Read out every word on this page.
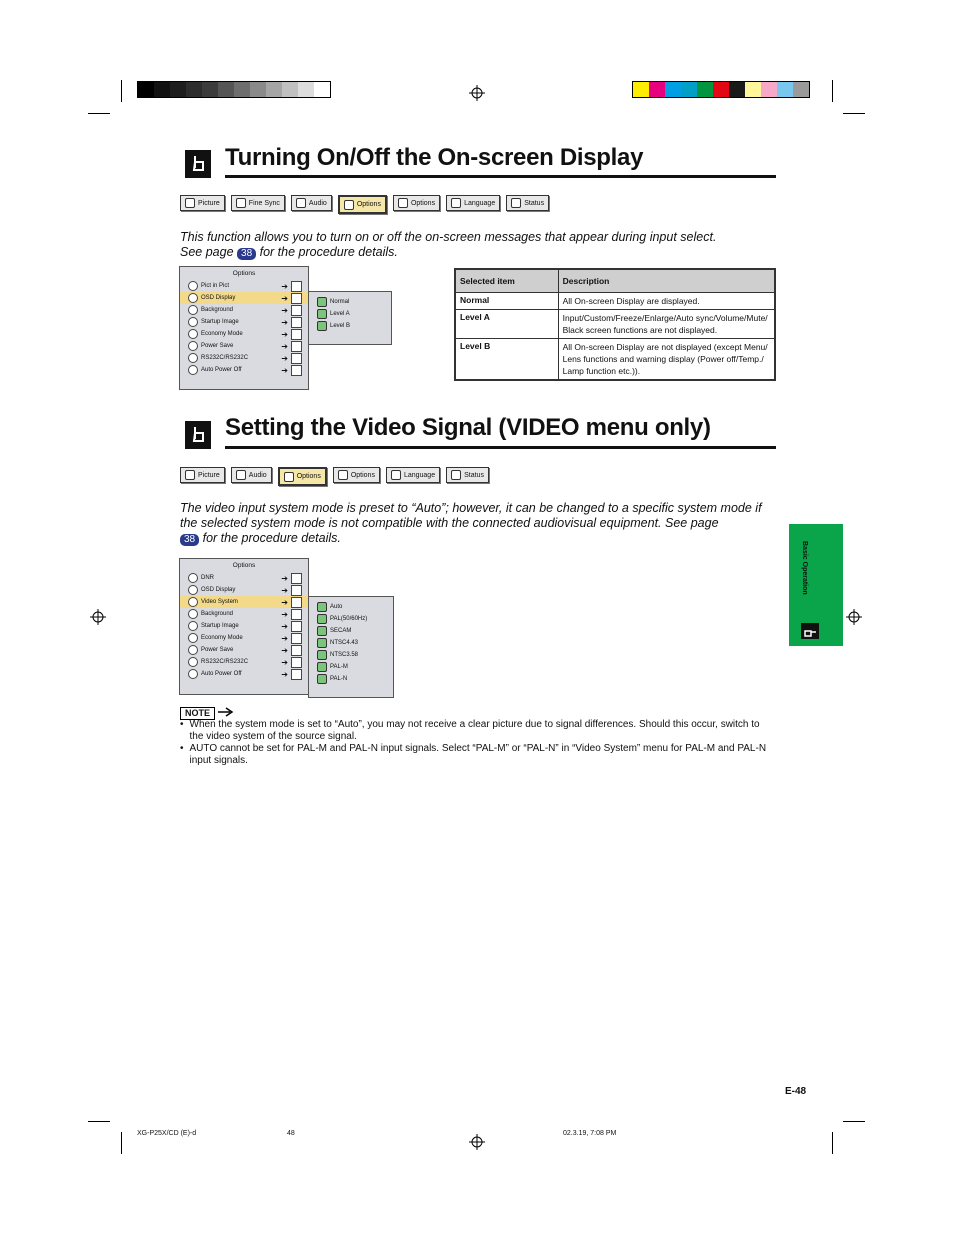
Turning On/Off the On-screen Display
Picture	Fine Sync	Audio	Options	Options	Language	Status
This function allows you to turn on or off the on-screen messages that appear during input select.
See page 38 for the procedure details.
Options
Pict in Pict	➔
OSD Display	➔
Background	➔
Startup Image	➔
Economy Mode	➔
Power Save	➔
RS232C/RS232C	➔
Auto Power Off	➔
Normal
Level A
Level B
Selected item	Description
Normal	All On-screen Display are displayed.
Level A	Input/Custom/Freeze/Enlarge/Auto sync/Volume/Mute/ Black screen functions are not displayed.
Level B	All On-screen Display are not displayed (except Menu/ Lens functions and warning display (Power off/Temp./ Lamp function etc.)).
Setting the Video Signal (VIDEO menu only)
Picture	Audio	Options	Options	Language	Status
The video input system mode is preset to “Auto”; however, it can be changed to a specific system mode if the selected system mode is not compatible with the connected audiovisual equipment. See page
38 for the procedure details.
Options
DNR	➔
OSD Display	➔
Video System	➔
Background	➔
Startup Image	➔
Economy Mode	➔
Power Save	➔
RS232C/RS232C	➔
Auto Power Off	➔
Auto
PAL(50/60Hz)
SECAM
NTSC4.43
NTSC3.58
PAL-M
PAL-N
NOTE
• When the system mode is set to “Auto”, you may not receive a clear picture due to signal differences. Should this occur, switch to the video system of the source signal.
• AUTO cannot be set for PAL-M and PAL-N input signals. Select “PAL-M” or “PAL-N” in “Video System” menu for PAL-M and PAL-N input signals.
Basic Operation
E-48
XG-P25X/CD (E)-d	48	02.3.19, 7:08 PM
